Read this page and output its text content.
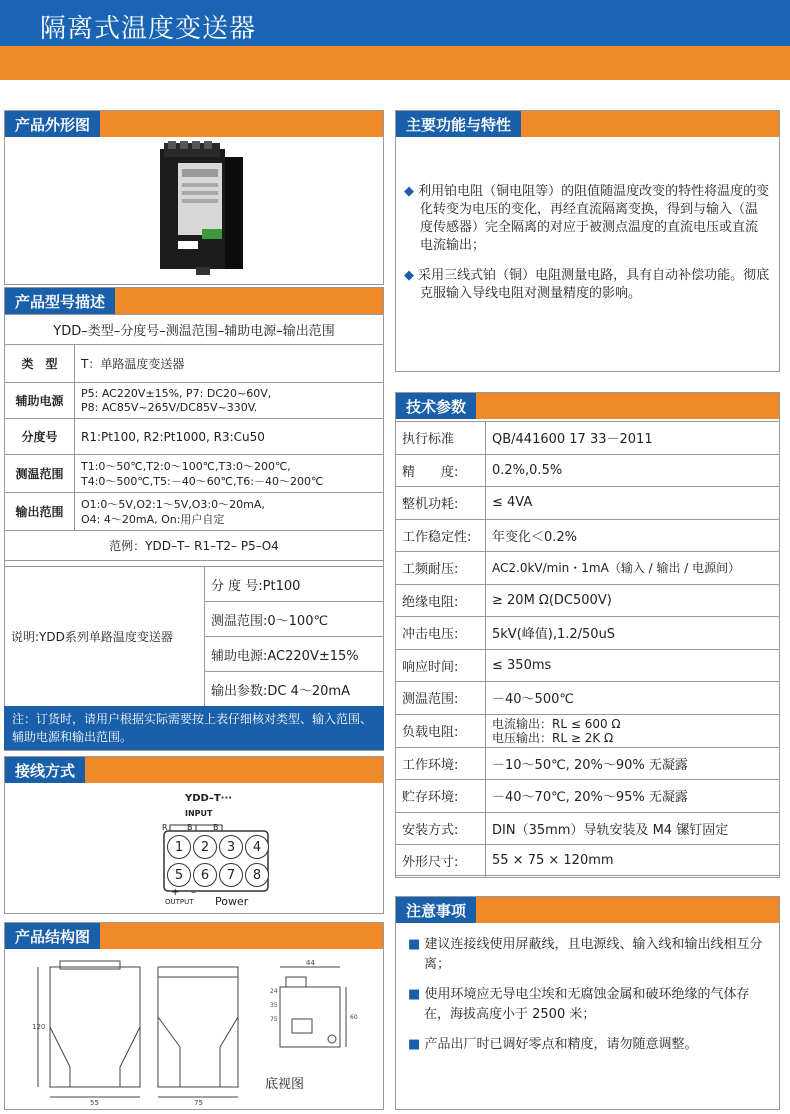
隔离式温度变送器
产品外形图
产品型号描述
YDD–类型–分度号–测温范围–辅助电源–输出范围	
类　型	T：单路温度变送器
辅助电源	P5: AC220V±15%, P7: DC20~60V,
P8: AC85V~265V/DC85V~330V.

分度号	R1:Pt100, R2:Pt1000, R3:Cu50
测温范围	T1:0～50℃,T2:0～100℃,T3:0～200℃,
T4:0～500℃,T5:－40～60℃,T6:－40～200℃

输出范围	O1:0～5V,O2:1～5V,O3:0～20mA,
O4: 4～20mA, On:用户自定

范例：YDD–T– R1–T2– P5–O4	
说明:YDD系列单路温度变送器	分 度 号:Pt100
测温范围:0～100℃
辅助电源:AC220V±15%
输出参数:DC 4～20mA
注：订货时，请用户根据实际需要按上表仔细核对类型、输入范围、辅助电源和输出范围。
接线方式
YDD–T···
INPUT
R B	B
1	2	3	4
5	6	7	8
+ –
OUTPUT Power
产品结构图
120
55	75
44
24
35
75	60
底视图
主要功能与特性

◆ 利用铂电阻（铜电阻等）的阻值随温度改变的特性将温度的变化转变为电压的变化，再经直流隔离变换，得到与输入（温度传感器）完全隔离的对应于被测点温度的直流电压或直流电流输出；

◆ 采用三线式铂（铜）电阻测量电路，具有自动补偿功能。彻底克服输入导线电阻对测量精度的影响。

技术参数
执行标准	QB/441600 17 33－2011
精　　度:	0.2%,0.5%
整机功耗:	≤ 4VA
工作稳定性:	年变化＜0.2%
工频耐压:	AC2.0kV/min・1mA（输入 / 输出 / 电源间）
绝缘电阻:	≥ 20M Ω(DC500V)
冲击电压:	5kV(峰值),1.2/50uS
响应时间:	≤ 350ms
测温范围:	－40～500℃
负载电阻:	电流输出：RL ≤ 600 Ω
电压输出：RL ≥ 2K Ω

工作环境:	－10～50℃, 20%～90% 无凝露
贮存环境:	－40～70℃, 20%～95% 无凝露
安装方式:	DIN（35mm）导轨安装及 M4 镙钉固定
外形尺寸:	55 × 75 × 120mm
注意事项

■ 建议连接线使用屏蔽线，且电源线、输入线和输出线相互分离；

■ 使用环境应无导电尘埃和无腐蚀金属和破环绝缘的气体存在，海拔高度小于 2500 米；

■ 产品出厂时已调好零点和精度，请勿随意调整。
